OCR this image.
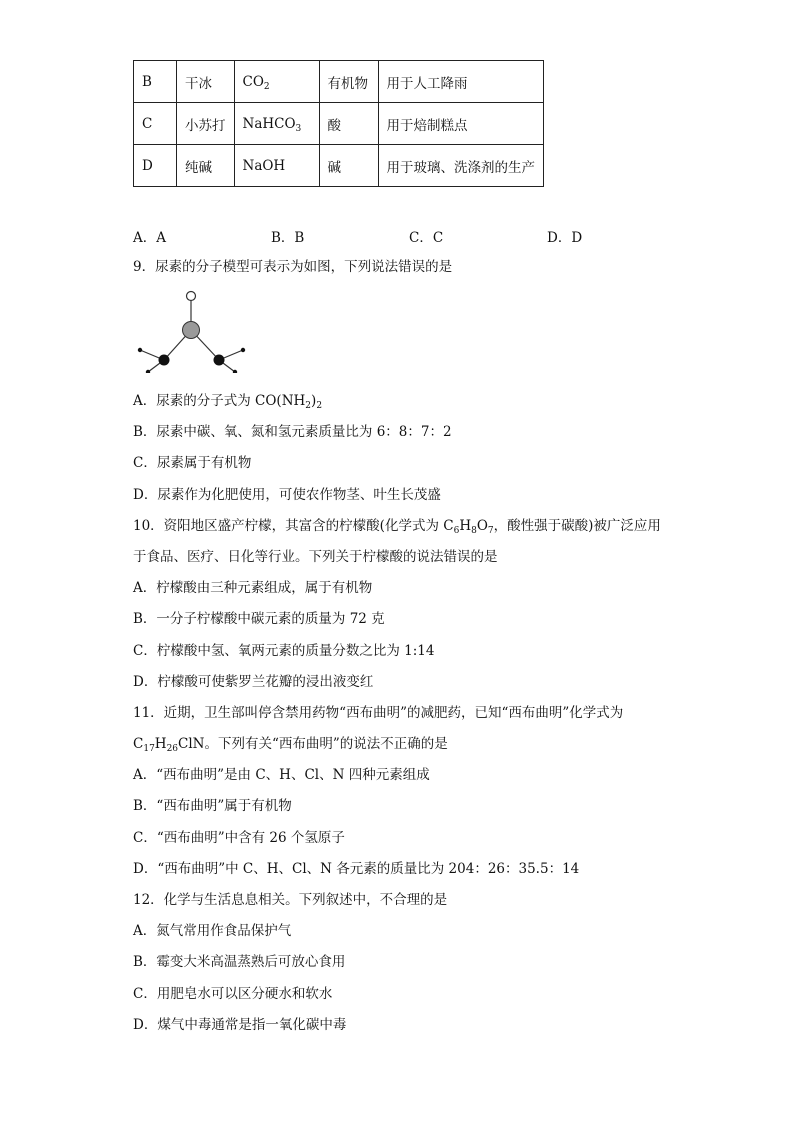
B	干冰	$CO_2$	有机物	用于人工降雨
C	小苏打	NaHCO$_3$	酸	用于焙制糕点
D	纯碱	NaOH	碱	用于玻璃、洗涤剂的生产
A．A	B．B	C．C	D．D
9．尿素的分子模型可表示为如图，下列说法错误的是
A．尿素的分子式为 $CO(NH_2)_2$
B．尿素中碳、氧、氮和氢元素质量比为 6：8：7：2
C．尿素属于有机物
D．尿素作为化肥使用，可使农作物茎、叶生长茂盛
10．资阳地区盛产柠檬，其富含的柠檬酸(化学式为 $C_6H_8O_7$，酸性强于碳酸)被广泛应用
于食品、医疗、日化等行业。下列关于柠檬酸的说法错误的是
A．柠檬酸由三种元素组成，属于有机物
B．一分子柠檬酸中碳元素的质量为 72 克
C．柠檬酸中氢、氧两元素的质量分数之比为 1:14
D．柠檬酸可使紫罗兰花瓣的浸出液变红
11．近期，卫生部叫停含禁用药物“西布曲明”的减肥药，已知“西布曲明”化学式为
$C_{17}H_{26}ClN$。下列有关“西布曲明”的说法不正确的是
A．“西布曲明”是由 C、H、Cl、N 四种元素组成
B．“西布曲明”属于有机物
C．“西布曲明”中含有 26 个氢原子
D．“西布曲明”中 C、H、Cl、N 各元素的质量比为 204：26：35.5：14
12．化学与生活息息相关。下列叙述中，不合理的是
A．氮气常用作食品保护气
B．霉变大米高温蒸熟后可放心食用
C．用肥皂水可以区分硬水和软水
D．煤气中毒通常是指一氧化碳中毒
